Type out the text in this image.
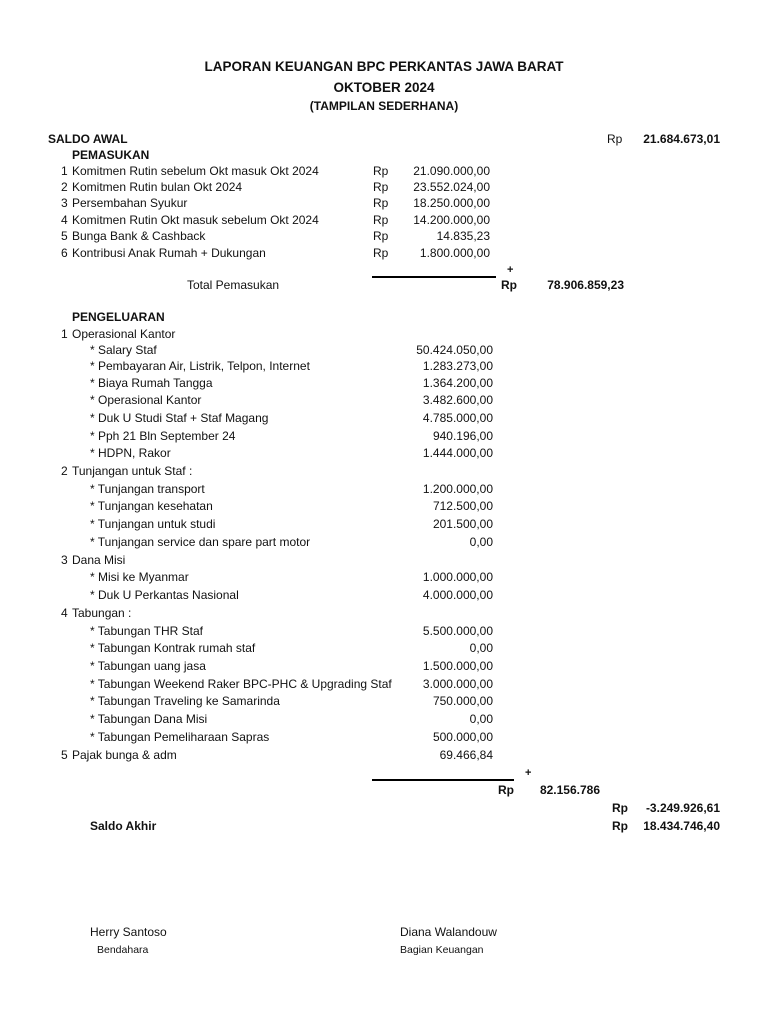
LAPORAN KEUANGAN BPC PERKANTAS JAWA BARAT
OKTOBER 2024
(TAMPILAN SEDERHANA)
SALDO AWAL	Rp	21.684.673,01
PEMASUKAN
1 Komitmen Rutin sebelum Okt masuk Okt 2024	Rp	21.090.000,00
2 Komitmen Rutin bulan Okt 2024	Rp	23.552.024,00
3 Persembahan Syukur	Rp	18.250.000,00
4 Komitmen Rutin Okt masuk sebelum Okt 2024	Rp	14.200.000,00
5 Bunga Bank & Cashback	Rp	14.835,23
6 Kontribusi Anak Rumah + Dukungan	Rp	1.800.000,00
+
Total Pemasukan	Rp	78.906.859,23
PENGELUARAN
1 Operasional Kantor
* Salary Staf	50.424.050,00
* Pembayaran Air, Listrik, Telpon, Internet	1.283.273,00
* Biaya Rumah Tangga	1.364.200,00
* Operasional Kantor	3.482.600,00
* Duk U Studi Staf + Staf Magang	4.785.000,00
* Pph 21 Bln September 24	940.196,00
* HDPN, Rakor	1.444.000,00
2 Tunjangan untuk Staf :
* Tunjangan transport	1.200.000,00
* Tunjangan kesehatan	712.500,00
* Tunjangan untuk studi	201.500,00
* Tunjangan service dan spare part motor	0,00
3 Dana Misi
* Misi ke Myanmar	1.000.000,00
* Duk U Perkantas Nasional	4.000.000,00
4 Tabungan :
* Tabungan THR Staf	5.500.000,00
* Tabungan Kontrak rumah staf	0,00
* Tabungan uang jasa	1.500.000,00
* Tabungan Weekend Raker BPC-PHC & Upgrading Staf	3.000.000,00
* Tabungan Traveling ke Samarinda	750.000,00
* Tabungan Dana Misi	0,00
* Tabungan Pemeliharaan Sapras	500.000,00
5 Pajak bunga & adm	69.466,84
+
Rp	82.156.786
Rp	-3.249.926,61
Saldo Akhir	Rp	18.434.746,40
Herry Santoso
Bendahara
Diana Walandouw
Bagian Keuangan
